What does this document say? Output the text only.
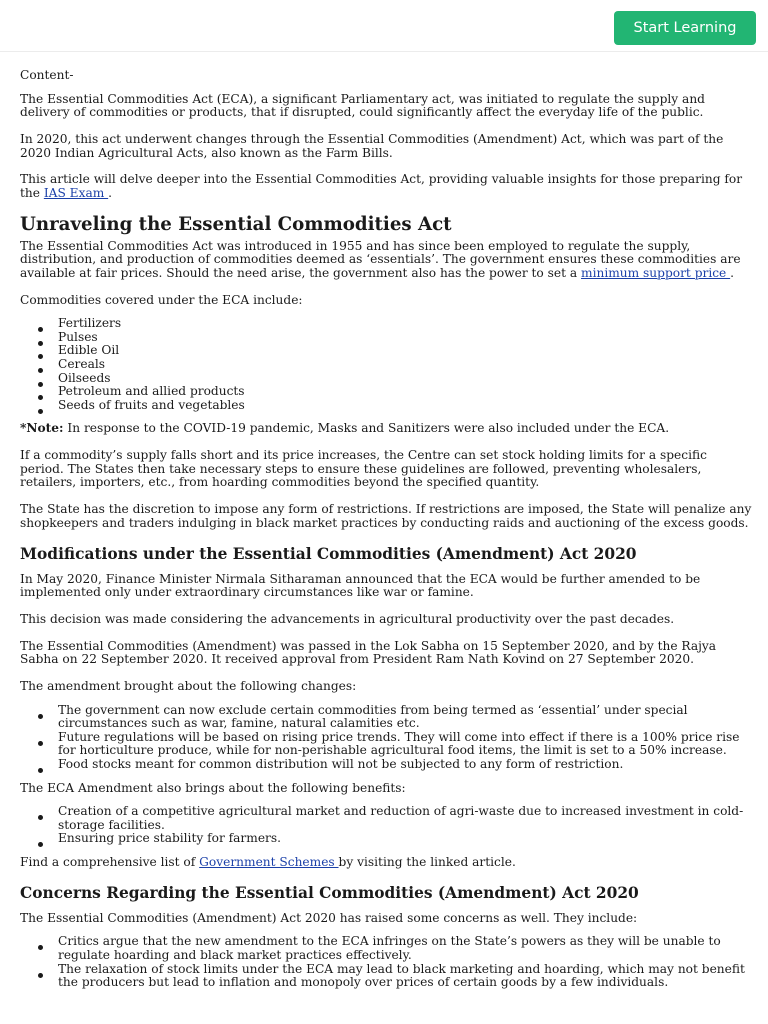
Start Learning

Content-

The Essential Commodities Act (ECA), a significant Parliamentary act, was initiated to regulate the supply and delivery of commodities or products, that if disrupted, could significantly affect the everyday life of the public.

In 2020, this act underwent changes through the Essential Commodities (Amendment) Act, which was part of the 2020 Indian Agricultural Acts, also known as the Farm Bills.

This article will delve deeper into the Essential Commodities Act, providing valuable insights for those preparing for the IAS Exam .

Unraveling the Essential Commodities Act

The Essential Commodities Act was introduced in 1955 and has since been employed to regulate the supply, distribution, and production of commodities deemed as ‘essentials’. The government ensures these commodities are available at fair prices. Should the need arise, the government also has the power to set a minimum support price .

Commodities covered under the ECA include:

Fertilizers
Pulses
Edible Oil
Cereals
Oilseeds
Petroleum and allied products
Seeds of fruits and vegetables

*Note: In response to the COVID-19 pandemic, Masks and Sanitizers were also included under the ECA.

If a commodity’s supply falls short and its price increases, the Centre can set stock holding limits for a specific period. The States then take necessary steps to ensure these guidelines are followed, preventing wholesalers, retailers, importers, etc., from hoarding commodities beyond the specified quantity.

The State has the discretion to impose any form of restrictions. If restrictions are imposed, the State will penalize any shopkeepers and traders indulging in black market practices by conducting raids and auctioning of the excess goods.

Modifications under the Essential Commodities (Amendment) Act 2020

In May 2020, Finance Minister Nirmala Sitharaman announced that the ECA would be further amended to be implemented only under extraordinary circumstances like war or famine.

This decision was made considering the advancements in agricultural productivity over the past decades.

The Essential Commodities (Amendment) was passed in the Lok Sabha on 15 September 2020, and by the Rajya Sabha on 22 September 2020. It received approval from President Ram Nath Kovind on 27 September 2020.

The amendment brought about the following changes:

The government can now exclude certain commodities from being termed as ‘essential’ under special circumstances such as war, famine, natural calamities etc.
Future regulations will be based on rising price trends. They will come into effect if there is a 100% price rise for horticulture produce, while for non-perishable agricultural food items, the limit is set to a 50% increase.
Food stocks meant for common distribution will not be subjected to any form of restriction.

The ECA Amendment also brings about the following benefits:

Creation of a competitive agricultural market and reduction of agri-waste due to increased investment in cold-storage facilities.
Ensuring price stability for farmers.

Find a comprehensive list of Government Schemes by visiting the linked article.

Concerns Regarding the Essential Commodities (Amendment) Act 2020

The Essential Commodities (Amendment) Act 2020 has raised some concerns as well. They include:

Critics argue that the new amendment to the ECA infringes on the State’s powers as they will be unable to regulate hoarding and black market practices effectively.
The relaxation of stock limits under the ECA may lead to black marketing and hoarding, which may not benefit the producers but lead to inflation and monopoly over prices of certain goods by a few individuals.
